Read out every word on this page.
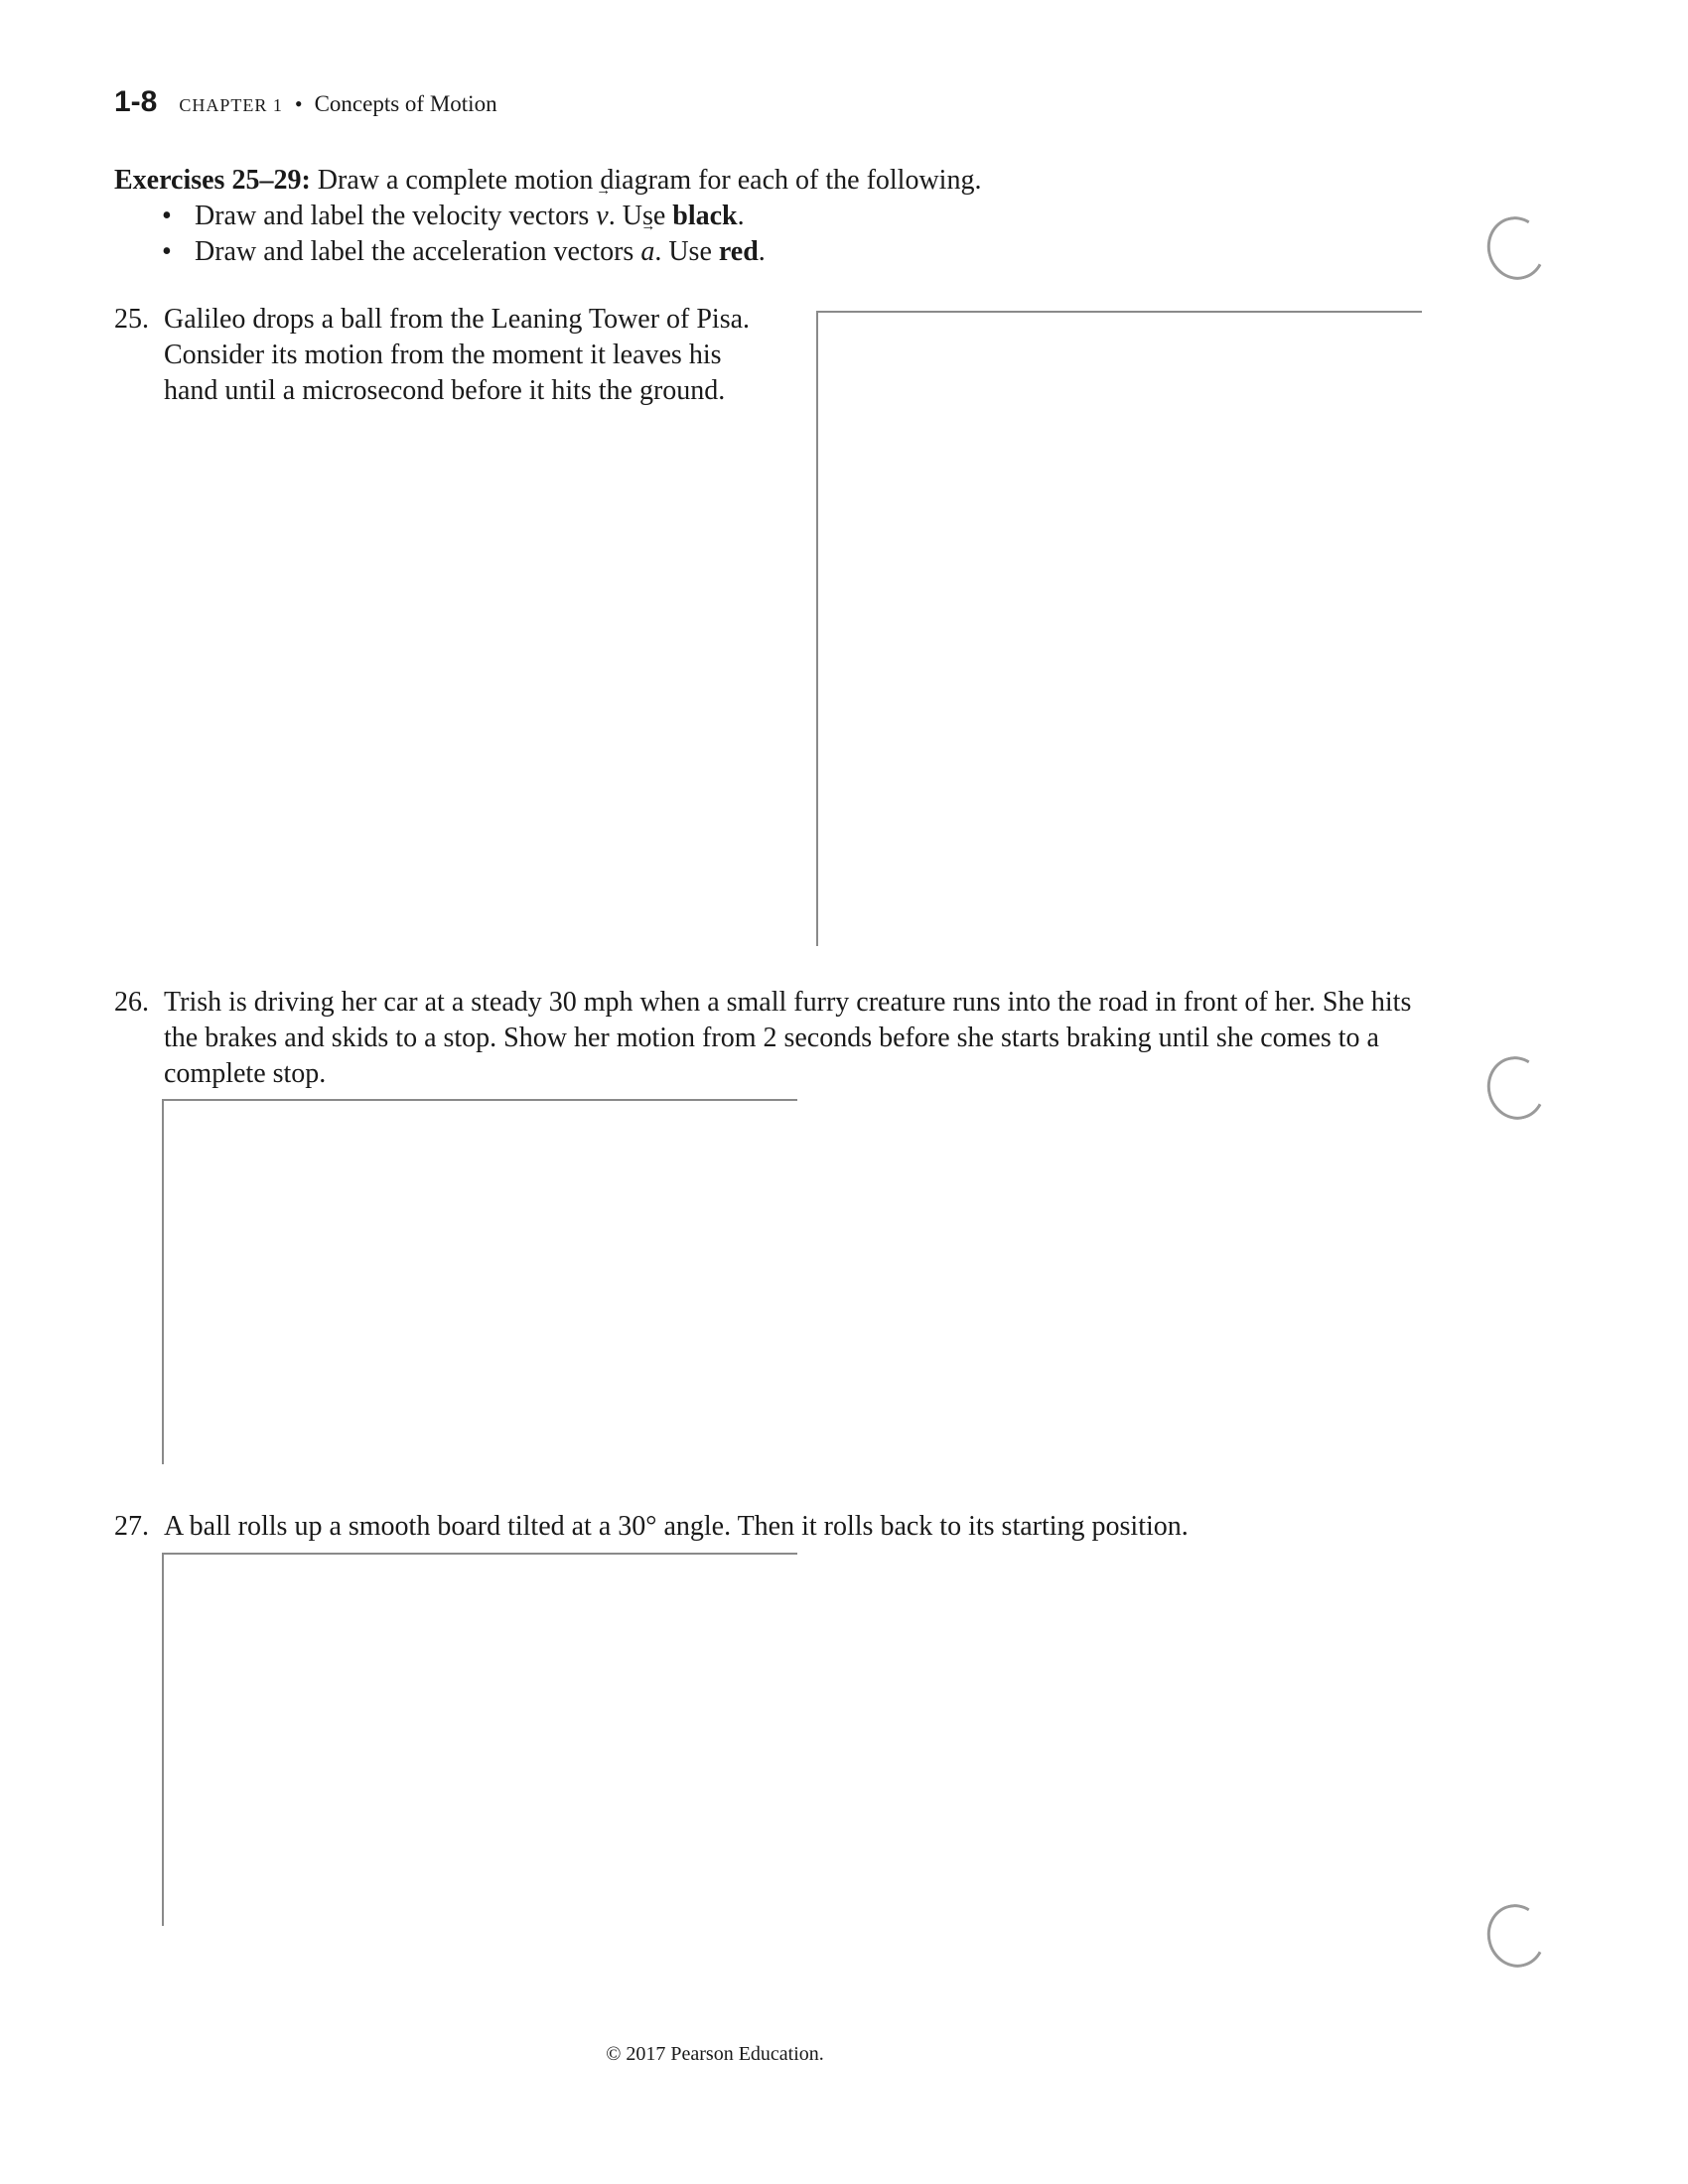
1-8 CHAPTER 1 • Concepts of Motion
Exercises 25–29: Draw a complete motion diagram for each of the following.
• Draw and label the velocity vectors → v. Use black.
• Draw and label the acceleration vectors → a. Use red.
25. Galileo drops a ball from the Leaning Tower of Pisa. Consider its motion from the moment it leaves his hand until a microsecond before it hits the ground.
26. Trish is driving her car at a steady 30 mph when a small furry creature runs into the road in front of her. She hits the brakes and skids to a stop. Show her motion from 2 seconds before she starts braking until she comes to a complete stop.
27. A ball rolls up a smooth board tilted at a 30° angle. Then it rolls back to its starting position.
© 2017 Pearson Education.
